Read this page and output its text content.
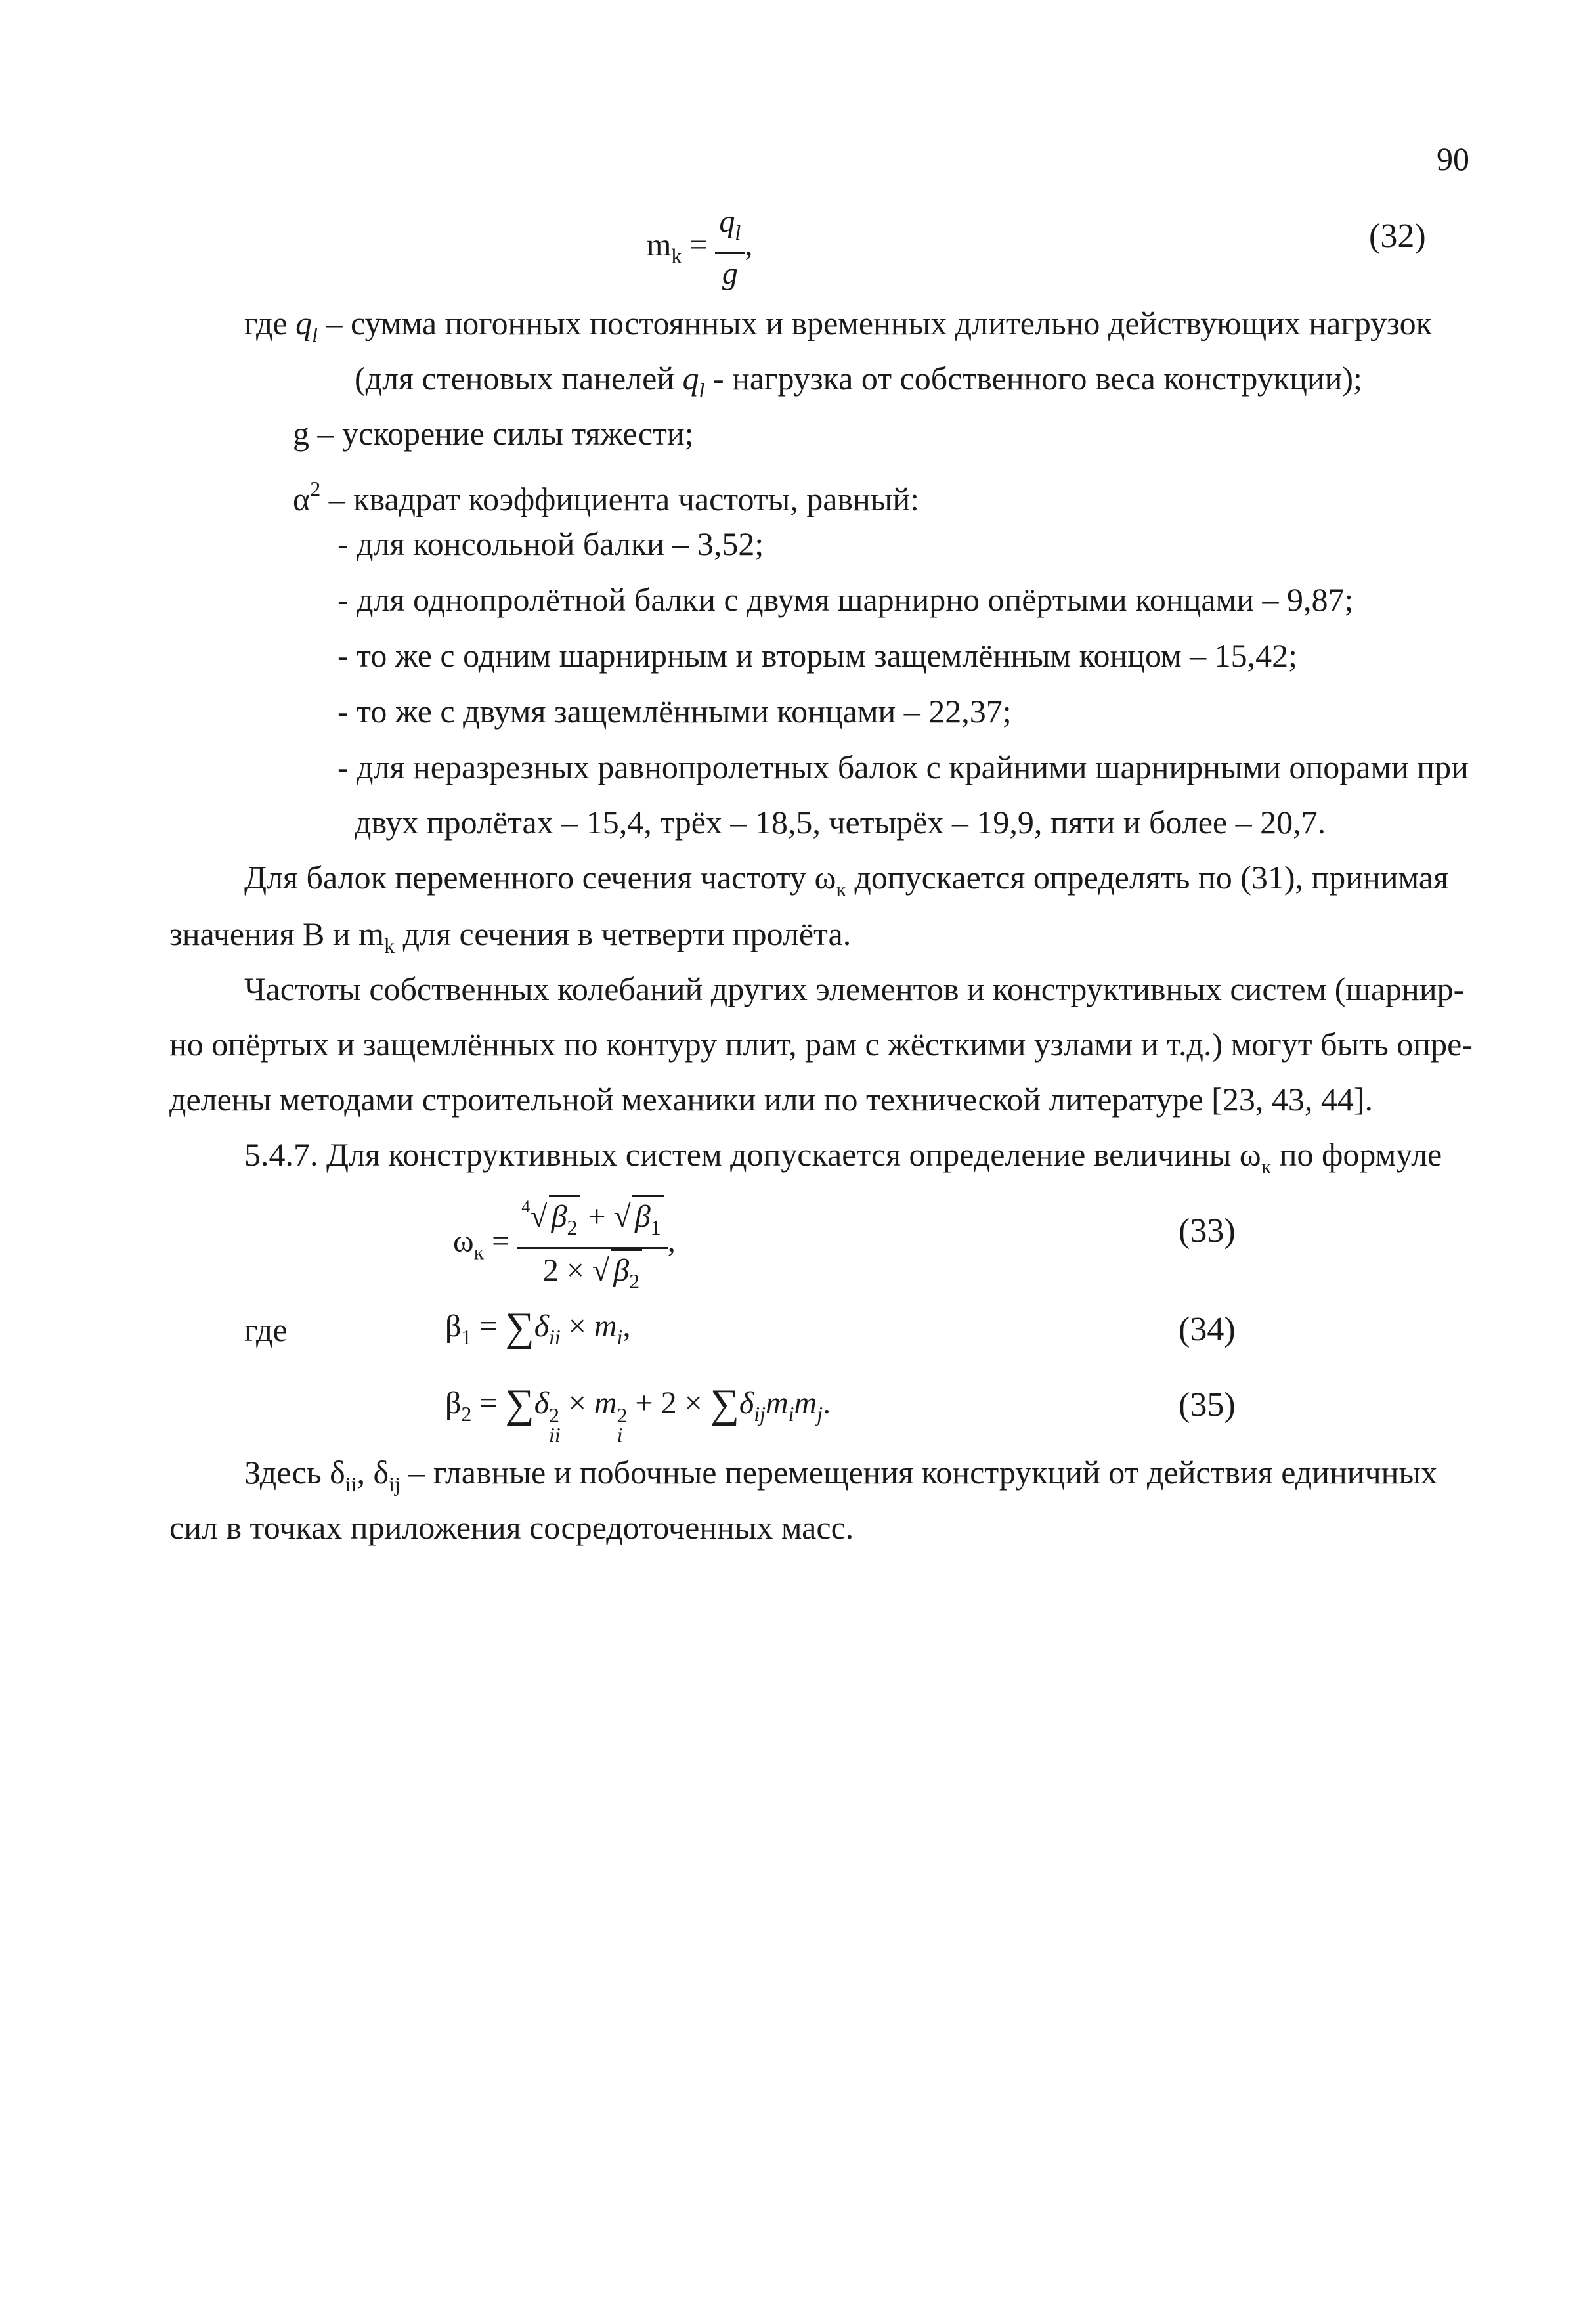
90
$m_k = \frac{q_l}{g}$ ,	(32)
где $q_l$ – сумма погонных постоянных и временных длительно действующих нагрузок
(для стеновых панелей $q_l$ - нагрузка от собственного веса конструкции);
g – ускорение силы тяжести;
$\alpha^2$ – квадрат коэффициента частоты, равный:
- для консольной балки – 3,52;
- для однопролётной балки с двумя шарнирно опёртыми концами – 9,87;
- то же с одним шарнирным и вторым защемлённым концом – 15,42;
- то же с двумя защемлёнными концами – 22,37;
- для неразрезных равнопролетных балок с крайними шарнирными опорами при
двух пролётах – 15,4, трёх – 18,5, четырёх – 19,9, пяти и более – 20,7.
Для балок переменного сечения частоту $\omega_к$ допускается определять по (31), принимая
значения B и $m_k$ для сечения в четверти пролёта.
Частоты собственных колебаний других элементов и конструктивных систем (шарнир-
но опёртых и защемлённых по контуру плит, рам с жёсткими узлами и т.д.) могут быть опре-
делены методами строительной механики или по технической литературе [23, 43, 44].
5.4.7. Для конструктивных систем допускается определение величины $\omega_к$ по формуле
$\omega_к = \frac{^4√ \beta_2 + √ \beta_1}{2 \times √ \beta_2}$ ,	(33)
где	$\beta_1 = \sum\delta_{ii} \times m_i$,	(34)
$\beta_2 = \sum\delta$ 2
ii
× m 2
i
+ $2 \times \sum\delta_{ij}m_im_j$.	(35)
Здесь $\delta_{ii}$, $\delta_{ij}$ – главные и побочные перемещения конструкций от действия единичных
сил в точках приложения сосредоточенных масс.
